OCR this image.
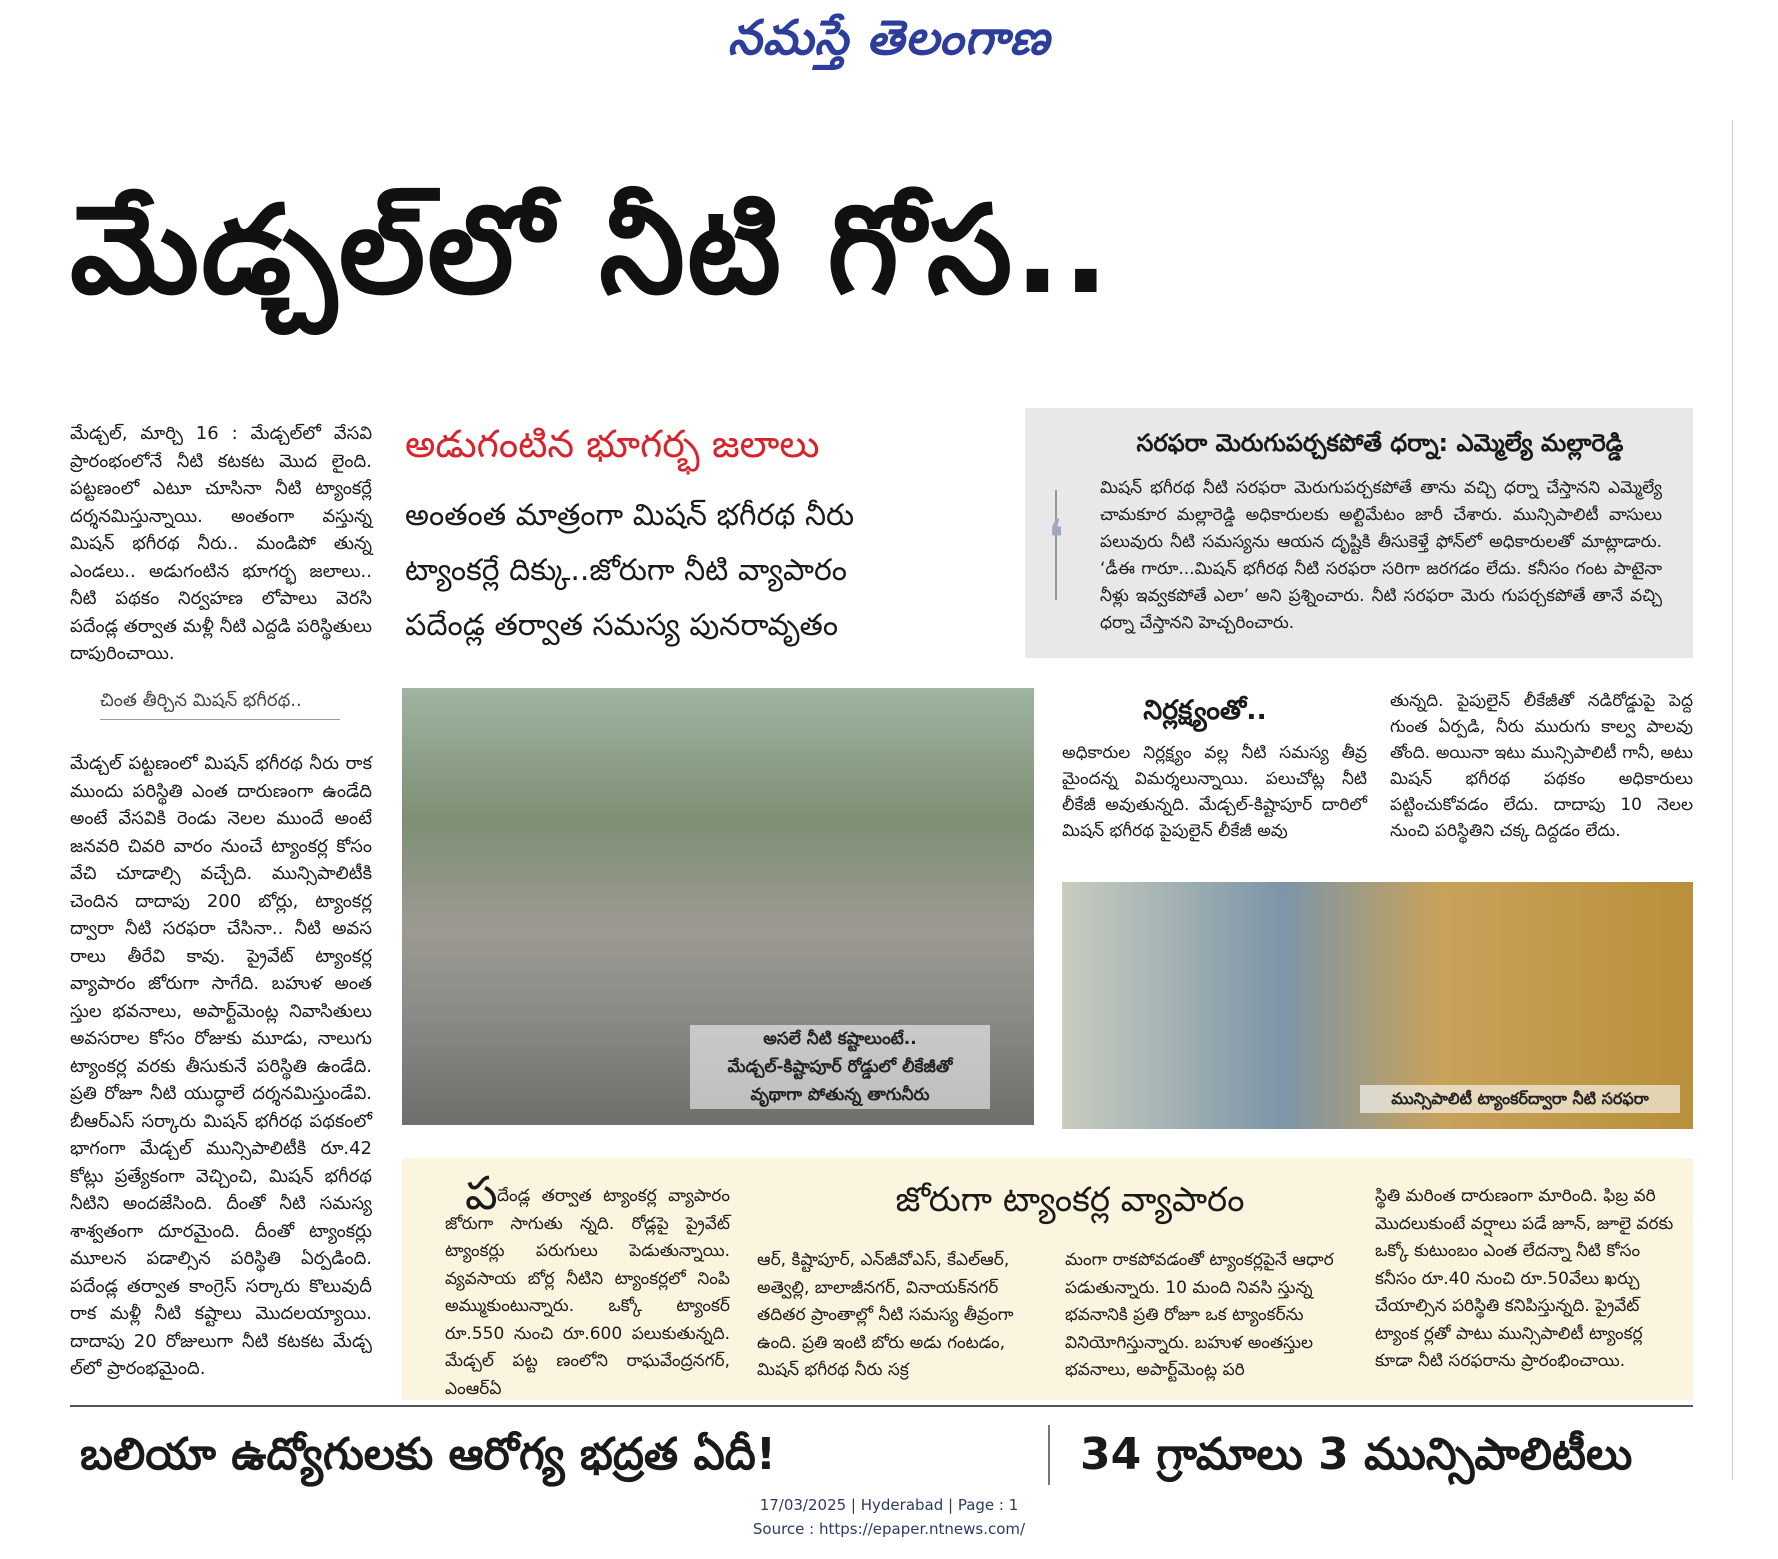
నమస్తే తెలంగాణ
మేడ్చల్‌లో నీటి గోస..
మేడ్చల్, మార్చి 16 : మేడ్చల్‌లో వేసవి ప్రారంభంలోనే నీటి కటకట మొద లైంది. పట్టణంలో ఎటూ చూసినా నీటి ట్యాంకర్లే దర్శనమిస్తున్నాయి. అంతంగా వస్తున్న మిషన్ భగీరథ నీరు.. మండిపో తున్న ఎండలు.. అడుగంటిన భూగర్భ జలాలు.. నీటి పథకం నిర్వహణ లోపాలు వెరసి పదేండ్ల తర్వాత మళ్లీ నీటి ఎద్దడి పరిస్థితులు దాపురించాయి.
చింత తీర్చిన మిషన్ భగీరథ..
మేడ్చల్ పట్టణంలో మిషన్ భగీరథ నీరు రాక ముందు పరిస్థితి ఎంత దారుణంగా ఉండేది అంటే వేసవికి రెండు నెలల ముందే అంటే జనవరి చివరి వారం నుంచే ట్యాంకర్ల కోసం వేచి చూడాల్సి వచ్చేది. మున్సిపాలిటీకి చెందిన దాదాపు 200 బోర్లు, ట్యాంకర్ల ద్వారా నీటి సరఫరా చేసినా.. నీటి అవస రాలు తీరేవి కావు. ప్రైవేట్ ట్యాంకర్ల వ్యాపారం జోరుగా సాగేది. బహుళ అంత స్తుల భవనాలు, అపార్ట్‌మెంట్ల నివాసితులు అవసరాల కోసం రోజుకు మూడు, నాలుగు ట్యాంకర్ల వరకు తీసుకునే పరిస్థితి ఉండేది. ప్రతి రోజూ నీటి యుద్ధాలే దర్శనమిస్తుండేవి. బీఆర్‌ఎస్ సర్కారు మిషన్ భగీరథ పథకంలో భాగంగా మేడ్చల్ మున్సిపాలిటీకి రూ.42 కోట్లు ప్రత్యేకంగా వెచ్చించి, మిషన్ భగీరథ నీటిని అందజేసింది. దీంతో నీటి సమస్య శాశ్వతంగా దూరమైంది. దీంతో ట్యాంకర్లు మూలన పడాల్సిన పరిస్థితి ఏర్పడింది. పదేండ్ల తర్వాత కాంగ్రెస్ సర్కారు కొలువుదీ రాక మళ్లీ నీటి కష్టాలు మొదలయ్యాయి. దాదాపు 20 రోజులుగా నీటి కటకట మేడ్చ ల్‌లో ప్రారంభమైంది.
అడుగంటిన భూగర్భ జలాలు
అంతంత మాత్రంగా మిషన్ భగీరథ నీరు
ట్యాంకర్లే దిక్కు..జోరుగా నీటి వ్యాపారం
పదేండ్ల తర్వాత సమస్య పునరావృతం
సరఫరా మెరుగుపర్చకపోతే ధర్నా: ఎమ్మెల్యే మల్లారెడ్డి
❛
మిషన్ భగీరథ నీటి సరఫరా మెరుగుపర్చకపోతే తాను వచ్చి ధర్నా చేస్తానని ఎమ్మెల్యే చామకూర మల్లారెడ్డి అధికారులకు అల్టిమేటం జారీ చేశారు. మున్సిపాలిటీ వాసులు పలువురు నీటి సమస్యను ఆయన దృష్టికి తీసుకెళ్తే ఫోన్‌లో అధికారులతో మాట్లాడారు. ‘డీఈ గారూ...మిషన్ భగీరథ నీటి సరఫరా సరిగా జరగడం లేదు. కనీసం గంట పాటైనా నీళ్లు ఇవ్వకపోతే ఎలా’ అని ప్రశ్నించారు. నీటి సరఫరా మెరు గుపర్చకపోతే తానే వచ్చి ధర్నా చేస్తానని హెచ్చరించారు.
అసలే నీటి కష్టాలుంటే..
మేడ్చల్-కిష్టాపూర్ రోడ్డులో లీకేజీతో
వృథాగా పోతున్న తాగునీరు
నిర్లక్ష్యంతో..
అధికారుల నిర్లక్ష్యం వల్ల నీటి సమస్య తీవ్ర మైందన్న విమర్శలున్నాయి. పలుచోట్ల నీటి లీకేజీ అవుతున్నది. మేడ్చల్-కిష్టాపూర్ దారిలో మిషన్ భగీరథ పైపులైన్ లీకేజీ అవు
తున్నది. పైపులైన్ లీకేజీతో నడిరోడ్డుపై పెద్ద గుంత ఏర్పడి, నీరు మురుగు కాల్వ పాలవు తోంది. అయినా ఇటు మున్సిపాలిటీ గానీ, అటు మిషన్ భగీరథ పథకం అధికారులు పట్టించుకోవడం లేదు. దాదాపు 10 నెలల నుంచి పరిస్థితిని చక్క దిద్దడం లేదు.
మున్సిపాలిటీ ట్యాంకర్‌ద్వారా నీటి సరఫరా
ప	జోరుగా ట్యాంకర్ల వ్యాపారం
దేండ్ల తర్వాత ట్యాంకర్ల వ్యాపారం జోరుగా సాగుతు న్నది. రోడ్లపై ప్రైవేట్ ట్యాంకర్లు పరుగులు పెడుతున్నాయి. వ్యవసాయ బోర్ల నీటిని ట్యాంకర్లలో నింపి అమ్ముకుంటున్నారు. ఒక్కో ట్యాంకర్ రూ.550 నుంచి రూ.600 పలుకుతున్నది. మేడ్చల్ పట్ట ణంలోని రాఘవేంద్రనగర్, ఎంఆర్‌ఏ
ఆర్, కిష్టాపూర్, ఎన్‌జీవోఎస్, కేఎల్‌ఆర్, అత్వెల్లి, బాలాజీనగర్, వినాయక్‌నగర్ తదితర ప్రాంతాల్లో నీటి సమస్య తీవ్రంగా ఉంది. ప్రతి ఇంటి బోరు అడు గంటడం, మిషన్ భగీరథ నీరు సక్ర
మంగా రాకపోవడంతో ట్యాంకర్లపైనే ఆధార పడుతున్నారు. 10 మంది నివసి స్తున్న భవనానికి ప్రతి రోజూ ఒక ట్యాంకర్‌ను వినియోగిస్తున్నారు. బహుళ అంతస్తుల భవనాలు, అపార్ట్‌మెంట్ల పరి
స్థితి మరింత దారుణంగా మారింది. ఫిబ్ర వరి మొదలుకుంటే వర్షాలు పడే జూన్, జూలై వరకు ఒక్కో కుటుంబం ఎంత లేదన్నా నీటి కోసం కనీసం రూ.40 నుంచి రూ.50వేలు ఖర్చు చేయాల్సిన పరిస్థితి కనిపిస్తున్నది. ప్రైవేట్ ట్యాంక ర్లతో పాటు మున్సిపాలిటీ ట్యాంకర్ల కూడా నీటి సరఫరాను ప్రారంభించాయి.
బలియా ఉద్యోగులకు ఆరోగ్య భద్రత ఏదీ!	34 గ్రామాలు 3 మున్సిపాలిటీలు
17/03/2025 | Hyderabad | Page : 1
Source : https://epaper.ntnews.com/
